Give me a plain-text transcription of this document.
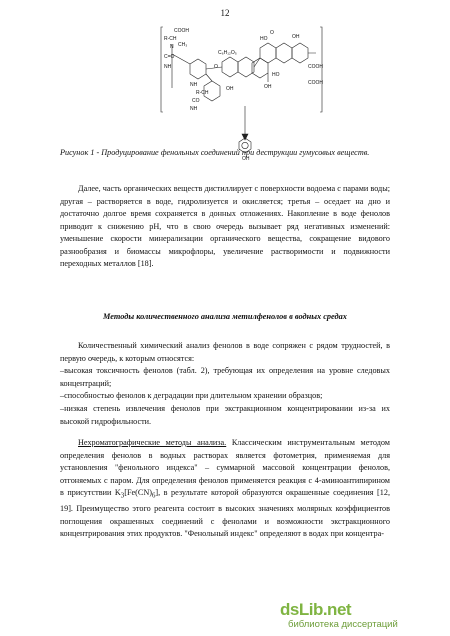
12
COOH
R-CH
N CH₃
NH
C=O
NH
R-CH
CO
NH
O
C₆H₁₂O₅
OH
HO
O
COOH
COOH
OH
HO
OH
OH
Рисунок 1 - Продуцирование фенольных соединений при деструкции гумусовых веществ.

Далее, часть органических веществ дистиллирует с поверхности водоема с парами воды; другая – растворяется в воде, гидролизуется и окисляется; третья – оседает на дно и достаточно долгое время сохраняется в донных отложениях. Накопление в воде фенолов приводит к снижению pH, что в свою очередь вызывает ряд негативных изменений: уменьшение скорости минерализации органического вещества, сокращение видового разнообразия и биомассы микрофлоры, увеличение растворимости и подвижности переходных металлов [18].

Методы количественного анализа метилфенолов в водных средах

Количественный химический анализ фенолов в воде сопряжен с рядом трудностей, в первую очередь, к которым относятся:

–высокая токсичность фенолов (табл. 2), требующая их определения на уровне следовых концентраций;

–способностью фенолов к деградации при длительном хранении образцов;

–низкая степень извлечения фенолов при экстракционном концентрировании из-за их высокой гидрофильности.

Нехроматографические методы анализа. Классическим инструментальным методом определения фенолов в водных растворах является фотометрия, применяемая для установления "фенольного индекса" – суммарной массовой концентрации фенолов, отгоняемых с паром. Для определения фенолов применяется реакция с 4-аминоантипирином в присутствии $K_3[Fe(CN)_6]$, в результате которой образуются окрашенные соединения [12, 19]. Преимущество этого реагента состоит в высоких значениях молярных коэффициентов поглощения окрашенных соединений с фенолами и возможности экстракционного концентрирования этих продуктов. "Фенольный индекс" определяют в водах при концентра-

dsLib.net
библиотека диссертаций
